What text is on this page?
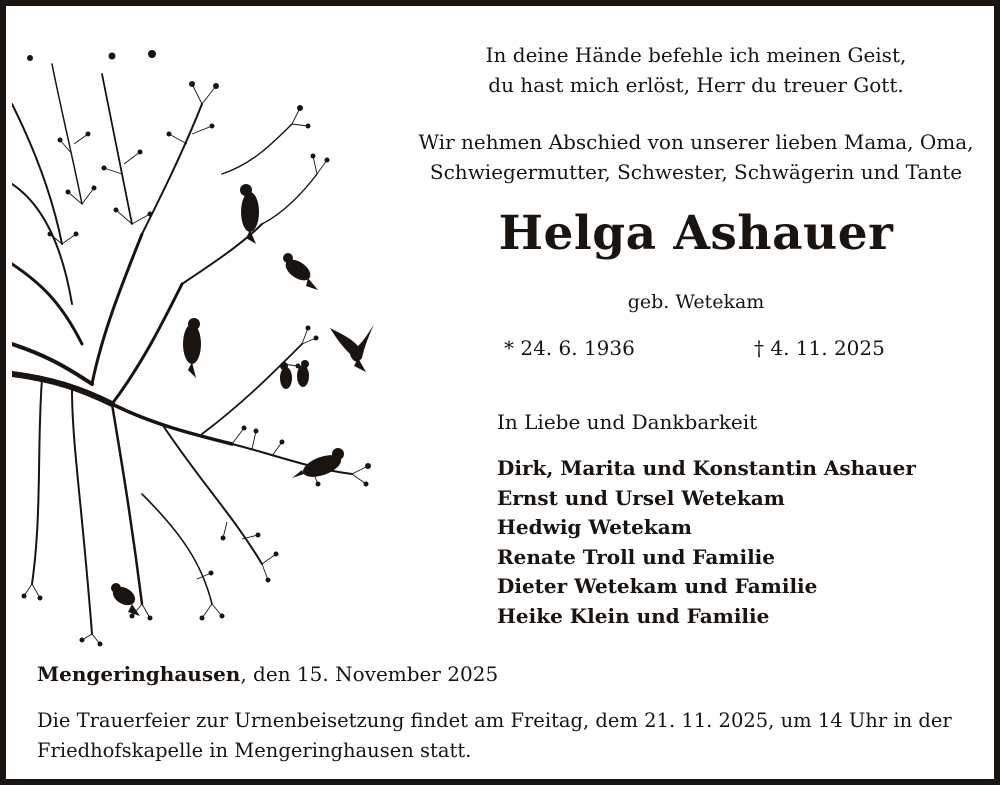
In deine Hände befehle ich meinen Geist,
du hast mich erlöst, Herr du treuer Gott.
Wir nehmen Abschied von unserer lieben Mama, Oma,
Schwiegermutter, Schwester, Schwägerin und Tante
Helga Ashauer
geb. Wetekam
* 24. 6. 1936	† 4. 11. 2025
In Liebe und Dankbarkeit
Dirk, Marita und Konstantin Ashauer
Ernst und Ursel Wetekam
Hedwig Wetekam
Renate Troll und Familie
Dieter Wetekam und Familie
Heike Klein und Familie
Mengeringhausen, den 15. November 2025
Die Trauerfeier zur Urnenbeisetzung findet am Freitag, dem 21. 11. 2025, um 14 Uhr in der
Friedhofskapelle in Mengeringhausen statt.
